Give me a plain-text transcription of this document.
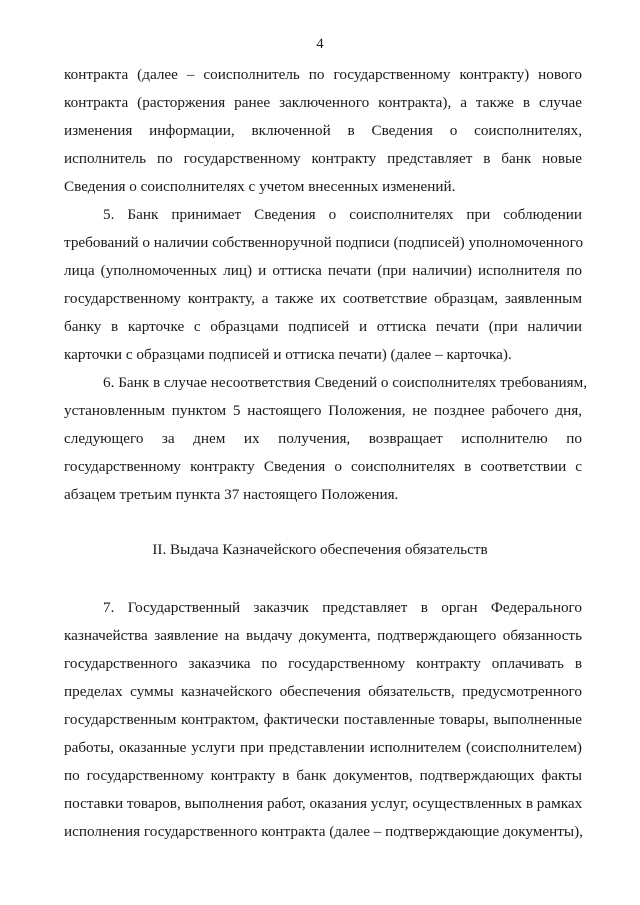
4
контракта (далее – соисполнитель по государственному контракту) нового
контракта (расторжения ранее заключенного контракта), а также в случае
изменения информации, включенной в Сведения о соисполнителях,
исполнитель по государственному контракту представляет в банк новые
Сведения о соисполнителях с учетом внесенных изменений.
5. Банк принимает Сведения о соисполнителях при соблюдении
требований о наличии собственноручной подписи (подписей) уполномоченного
лица (уполномоченных лиц) и оттиска печати (при наличии) исполнителя по
государственному контракту, а также их соответствие образцам, заявленным
банку в карточке с образцами подписей и оттиска печати (при наличии
карточки с образцами подписей и оттиска печати) (далее – карточка).
6. Банк в случае несоответствия Сведений о соисполнителях требованиям,
установленным пунктом 5 настоящего Положения, не позднее рабочего дня,
следующего за днем их получения, возвращает исполнителю по
государственному контракту Сведения о соисполнителях в соответствии с
абзацем третьим пункта 37 настоящего Положения.
II. Выдача Казначейского обеспечения обязательств
7. Государственный заказчик представляет в орган Федерального
казначейства заявление на выдачу документа, подтверждающего обязанность
государственного заказчика по государственному контракту оплачивать в
пределах суммы казначейского обеспечения обязательств, предусмотренного
государственным контрактом, фактически поставленные товары, выполненные
работы, оказанные услуги при представлении исполнителем (соисполнителем)
по государственному контракту в банк документов, подтверждающих факты
поставки товаров, выполнения работ, оказания услуг, осуществленных в рамках
исполнения государственного контракта (далее – подтверждающие документы),
